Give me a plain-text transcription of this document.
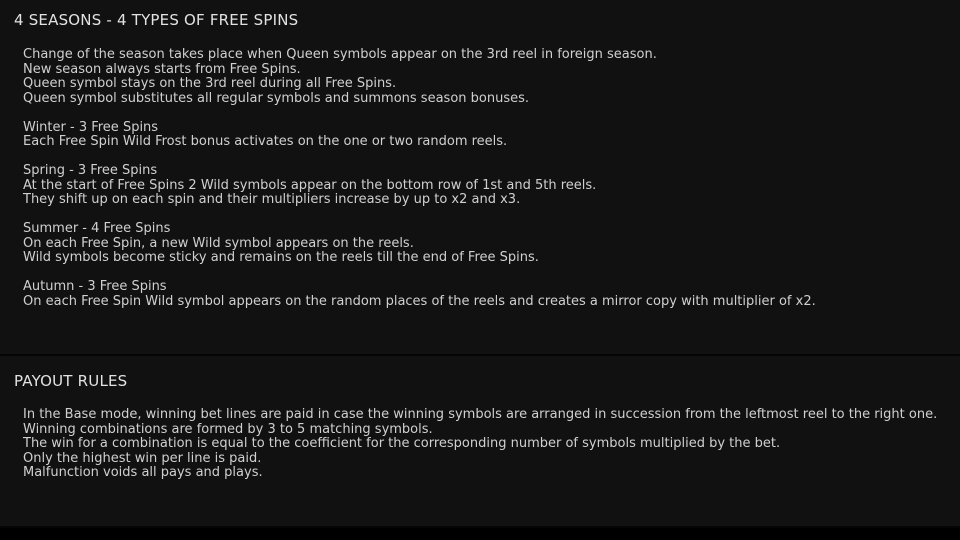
4 SEASONS - 4 TYPES OF FREE SPINS
Change of the season takes place when Queen symbols appear on the 3rd reel in foreign season.
New season always starts from Free Spins.
Queen symbol stays on the 3rd reel during all Free Spins.
Queen symbol substitutes all regular symbols and summons season bonuses.
Winter - 3 Free Spins
Each Free Spin Wild Frost bonus activates on the one or two random reels.
Spring - 3 Free Spins
At the start of Free Spins 2 Wild symbols appear on the bottom row of 1st and 5th reels.
They shift up on each spin and their multipliers increase by up to x2 and x3.
Summer - 4 Free Spins
On each Free Spin, a new Wild symbol appears on the reels.
Wild symbols become sticky and remains on the reels till the end of Free Spins.
Autumn - 3 Free Spins
On each Free Spin Wild symbol appears on the random places of the reels and creates a mirror copy with multiplier of x2.
PAYOUT RULES
In the Base mode, winning bet lines are paid in case the winning symbols are arranged in succession from the leftmost reel to the right one.
Winning combinations are formed by 3 to 5 matching symbols.
The win for a combination is equal to the coefficient for the corresponding number of symbols multiplied by the bet.
Only the highest win per line is paid.
Malfunction voids all pays and plays.
